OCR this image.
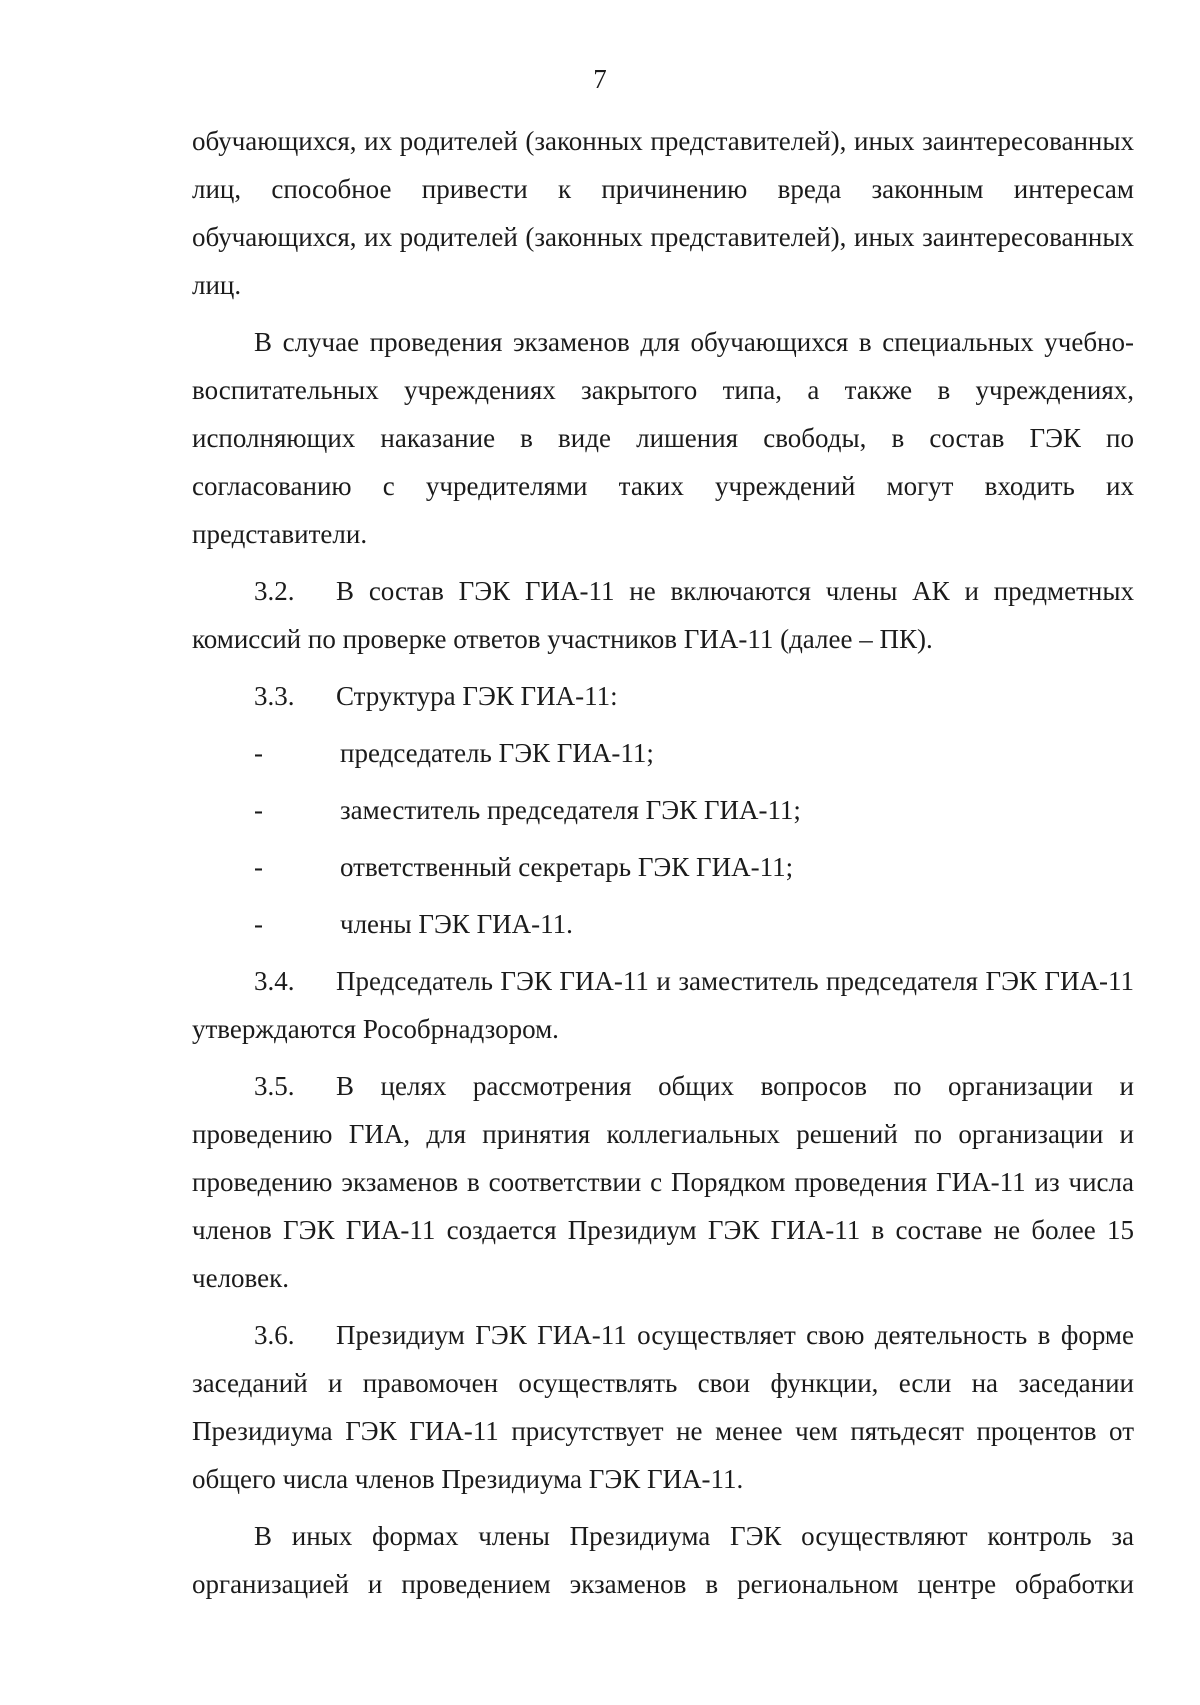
7

обучающихся, их родителей (законных представителей), иных заинтересованных лиц, способное привести к причинению вреда законным интересам обучающихся, их родителей (законных представителей), иных заинтересованных лиц.

В случае проведения экзаменов для обучающихся в специальных учебно-воспитательных учреждениях закрытого типа, а также в учреждениях, исполняющих наказание в виде лишения свободы, в состав ГЭК по согласованию с учредителями таких учреждений могут входить их представители.

3.2. В состав ГЭК ГИА-11 не включаются члены АК и предметных комиссий по проверке ответов участников ГИА-11 (далее – ПК).

3.3. Структура ГЭК ГИА-11:
-	председатель ГЭК ГИА-11;
-	заместитель председателя ГЭК ГИА-11;
-	ответственный секретарь ГЭК ГИА-11;
-	члены ГЭК ГИА-11.

3.4. Председатель ГЭК ГИА-11 и заместитель председателя ГЭК ГИА-11 утверждаются Рособрнадзором.

3.5. В целях рассмотрения общих вопросов по организации и проведению ГИА, для принятия коллегиальных решений по организации и проведению экзаменов в соответствии с Порядком проведения ГИА-11 из числа членов ГЭК ГИА-11 создается Президиум ГЭК ГИА-11 в составе не более 15 человек.

3.6. Президиум ГЭК ГИА-11 осуществляет свою деятельность в форме заседаний и правомочен осуществлять свои функции, если на заседании Президиума ГЭК ГИА-11 присутствует не менее чем пятьдесят процентов от общего числа членов Президиума ГЭК ГИА-11.

В иных формах члены Президиума ГЭК осуществляют контроль за организацией и проведением экзаменов в региональном центре обработки
